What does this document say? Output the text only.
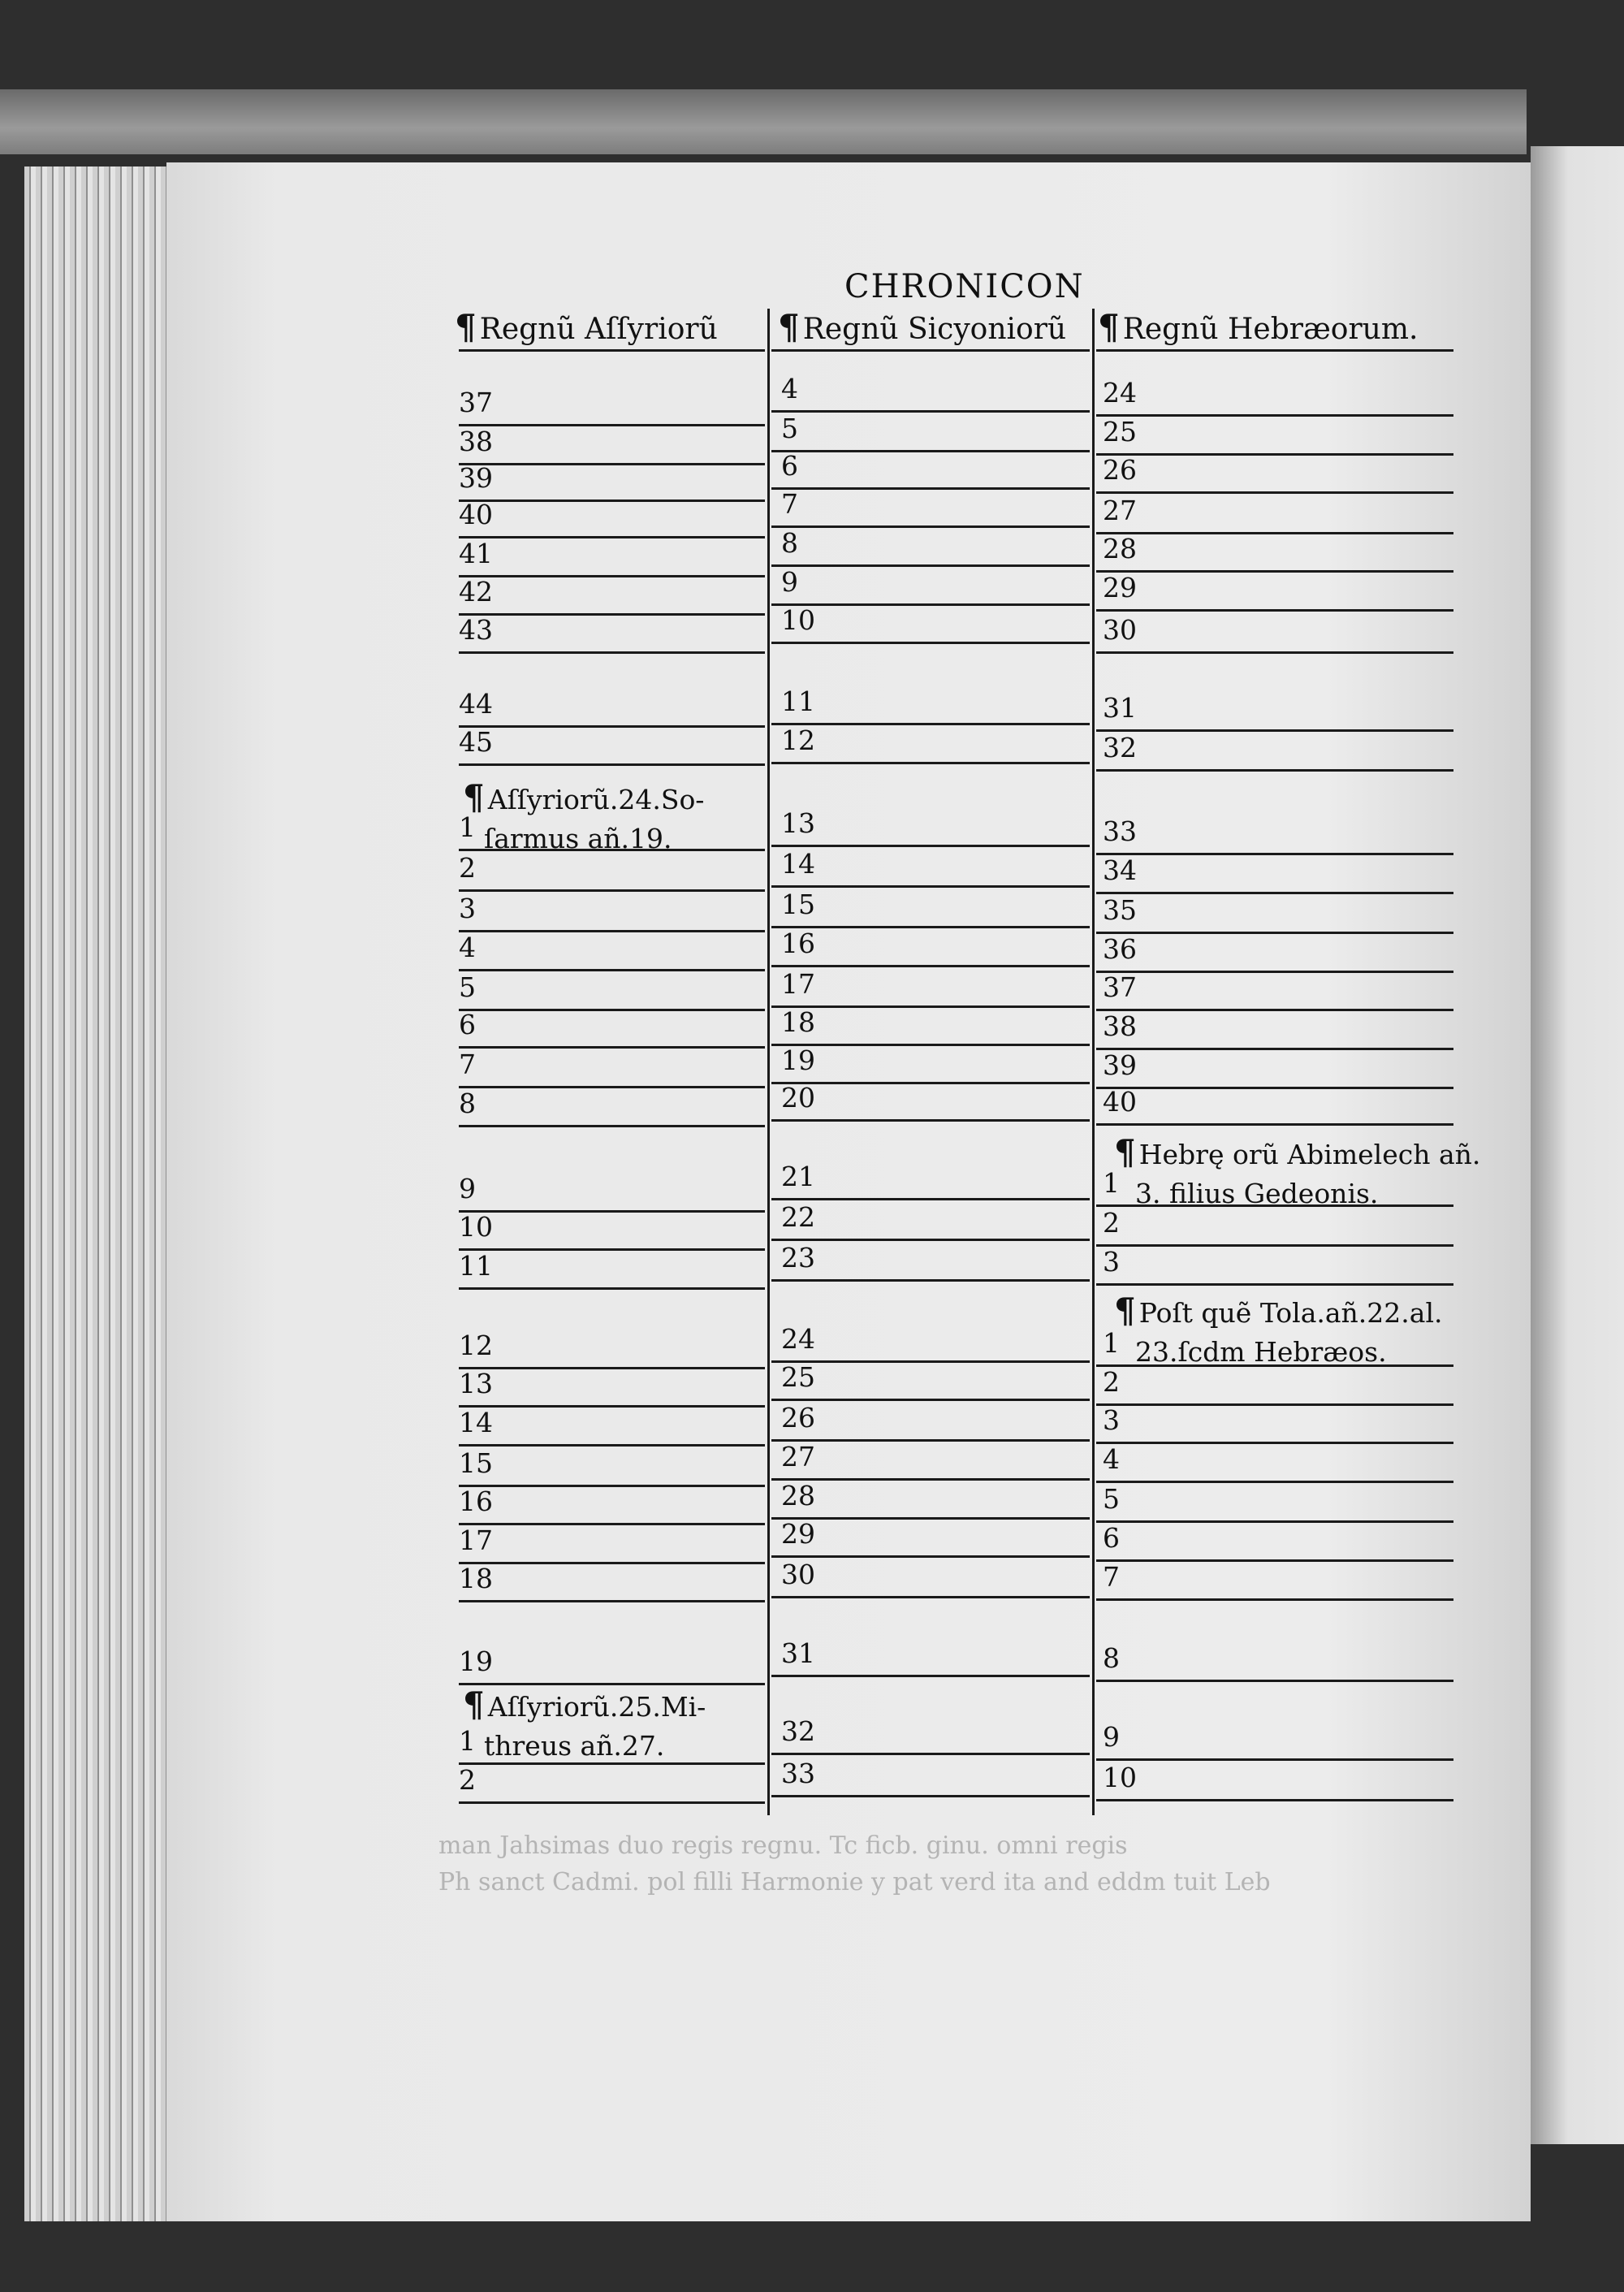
CHRONICON
¶ Regnũ Aſſyriorũ ¶ Regnũ Sicyoniorũ ¶ Regnũ Hebræorum.
37
38
39
40
41
42
43
44
45
1
2
3
4
5
6
7
8
9
10
11
12
13
14
15
16
17
18
19
1
2
4
5
6
7
8
9
10
11
12
13
14
15
16
17
18
19
20
21
22
23
24
25
26
27
28
29
30
31
32
33
24
25
26
27
28
29
30
31
32
33
34
35
36
37
38
39
40
1
2
3
1
2
3
4
5
6
7
8
9
10
¶ Aſſyriorũ.24.So-
ſarmus añ.19.
¶ Aſſyriorũ.25.Mi-
threus añ.27.
¶ Hebrę orũ Abimelech añ.
3. filius Gedeonis.
¶ Poſt quẽ Tola.añ.22.al.
23.ſcdm Hebræos.
man Jahsimas duo regis regnu. Tc ficb. ginu. omni regis
Ph sanct Cadmi. pol filli Harmonie y pat verd ita and eddm tuit Leb
